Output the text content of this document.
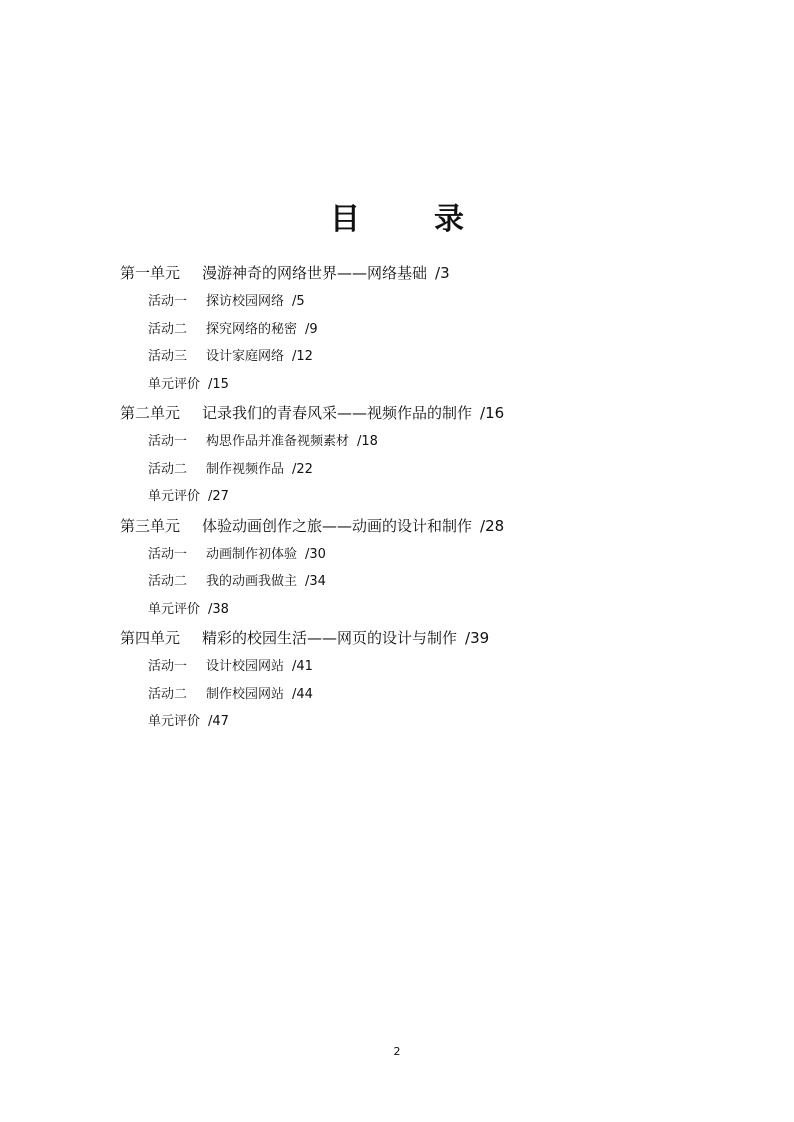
目　录
第一单元 漫游神奇的网络世界——网络基础 /3
活动一 探访校园网络 /5
活动二 探究网络的秘密 /9
活动三 设计家庭网络 /12
单元评价 /15
第二单元 记录我们的青春风采——视频作品的制作 /16
活动一 构思作品并准备视频素材 /18
活动二 制作视频作品 /22
单元评价 /27
第三单元 体验动画创作之旅——动画的设计和制作 /28
活动一 动画制作初体验 /30
活动二 我的动画我做主 /34
单元评价 /38
第四单元 精彩的校园生活——网页的设计与制作 /39
活动一 设计校园网站 /41
活动二 制作校园网站 /44
单元评价 /47
2
